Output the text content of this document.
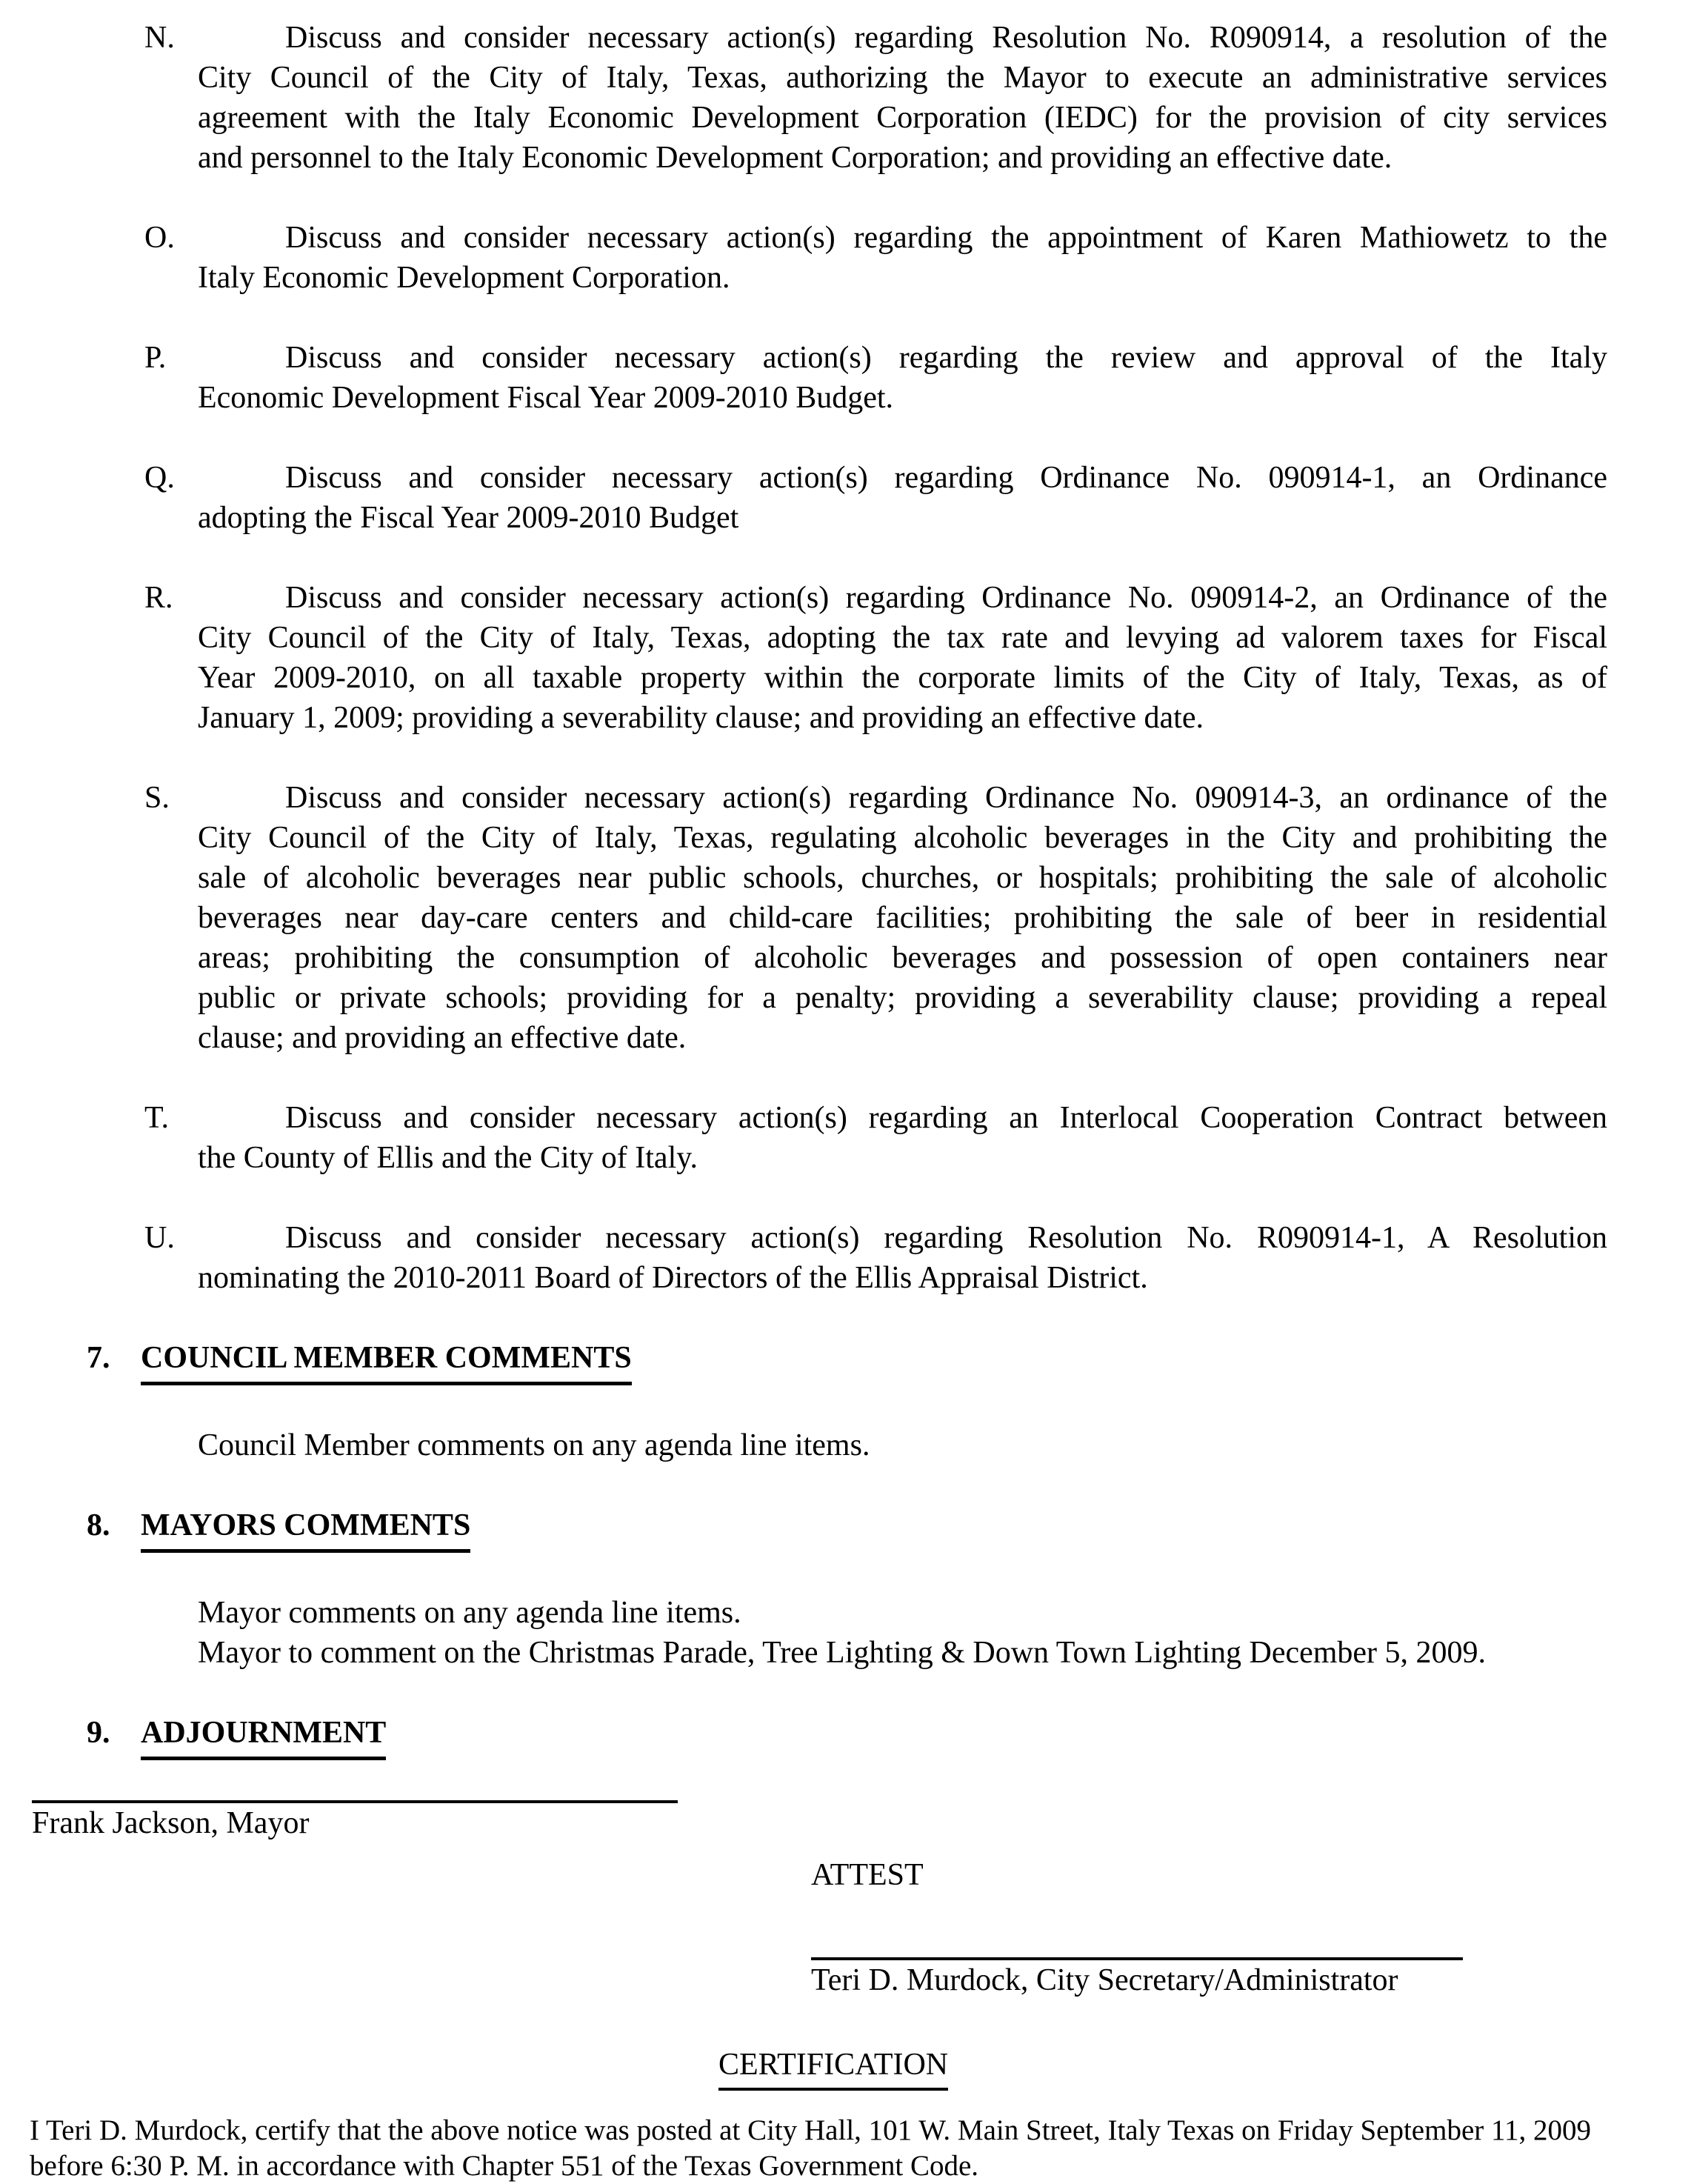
N.	Discuss and consider necessary action(s) regarding Resolution No. R090914, a resolution of the
City Council of the City of Italy, Texas, authorizing the Mayor to execute an administrative services
agreement with the Italy Economic Development Corporation (IEDC) for the provision of city services
and personnel to the Italy Economic Development Corporation; and providing an effective date.
O.	Discuss and consider necessary action(s) regarding the appointment of Karen Mathiowetz to the
Italy Economic Development Corporation.
P.	Discuss and consider necessary action(s) regarding the review and approval of the Italy
Economic Development Fiscal Year 2009-2010 Budget.
Q.	Discuss and consider necessary action(s) regarding Ordinance No. 090914-1, an Ordinance
adopting the Fiscal Year 2009-2010 Budget
R.	Discuss and consider necessary action(s) regarding Ordinance No. 090914-2, an Ordinance of the
City Council of the City of Italy, Texas, adopting the tax rate and levying ad valorem taxes for Fiscal
Year 2009-2010, on all taxable property within the corporate limits of the City of Italy, Texas, as of
January 1, 2009; providing a severability clause; and providing an effective date.
S.	Discuss and consider necessary action(s) regarding Ordinance No. 090914-3, an ordinance of the
City Council of the City of Italy, Texas, regulating alcoholic beverages in the City and prohibiting the
sale of alcoholic beverages near public schools, churches, or hospitals; prohibiting the sale of alcoholic
beverages near day-care centers and child-care facilities; prohibiting the sale of beer in residential
areas; prohibiting the consumption of alcoholic beverages and possession of open containers near
public or private schools; providing for a penalty; providing a severability clause; providing a repeal
clause; and providing an effective date.
T.	Discuss and consider necessary action(s) regarding an Interlocal Cooperation Contract between
the County of Ellis and the City of Italy.
U.	Discuss and consider necessary action(s) regarding Resolution No. R090914-1, A Resolution
nominating the 2010-2011 Board of Directors of the Ellis Appraisal District.
7. COUNCIL MEMBER COMMENTS
Council Member comments on any agenda line items.
8. MAYORS COMMENTS
Mayor comments on any agenda line items.
Mayor to comment on the Christmas Parade, Tree Lighting & Down Town Lighting December 5, 2009.
9. ADJOURNMENT
Frank Jackson, Mayor
ATTEST
Teri D. Murdock, City Secretary/Administrator
CERTIFICATION
I Teri D. Murdock, certify that the above notice was posted at City Hall, 101 W. Main Street, Italy Texas on Friday September 11, 2009
before 6:30 P. M. in accordance with Chapter 551 of the Texas Government Code.
